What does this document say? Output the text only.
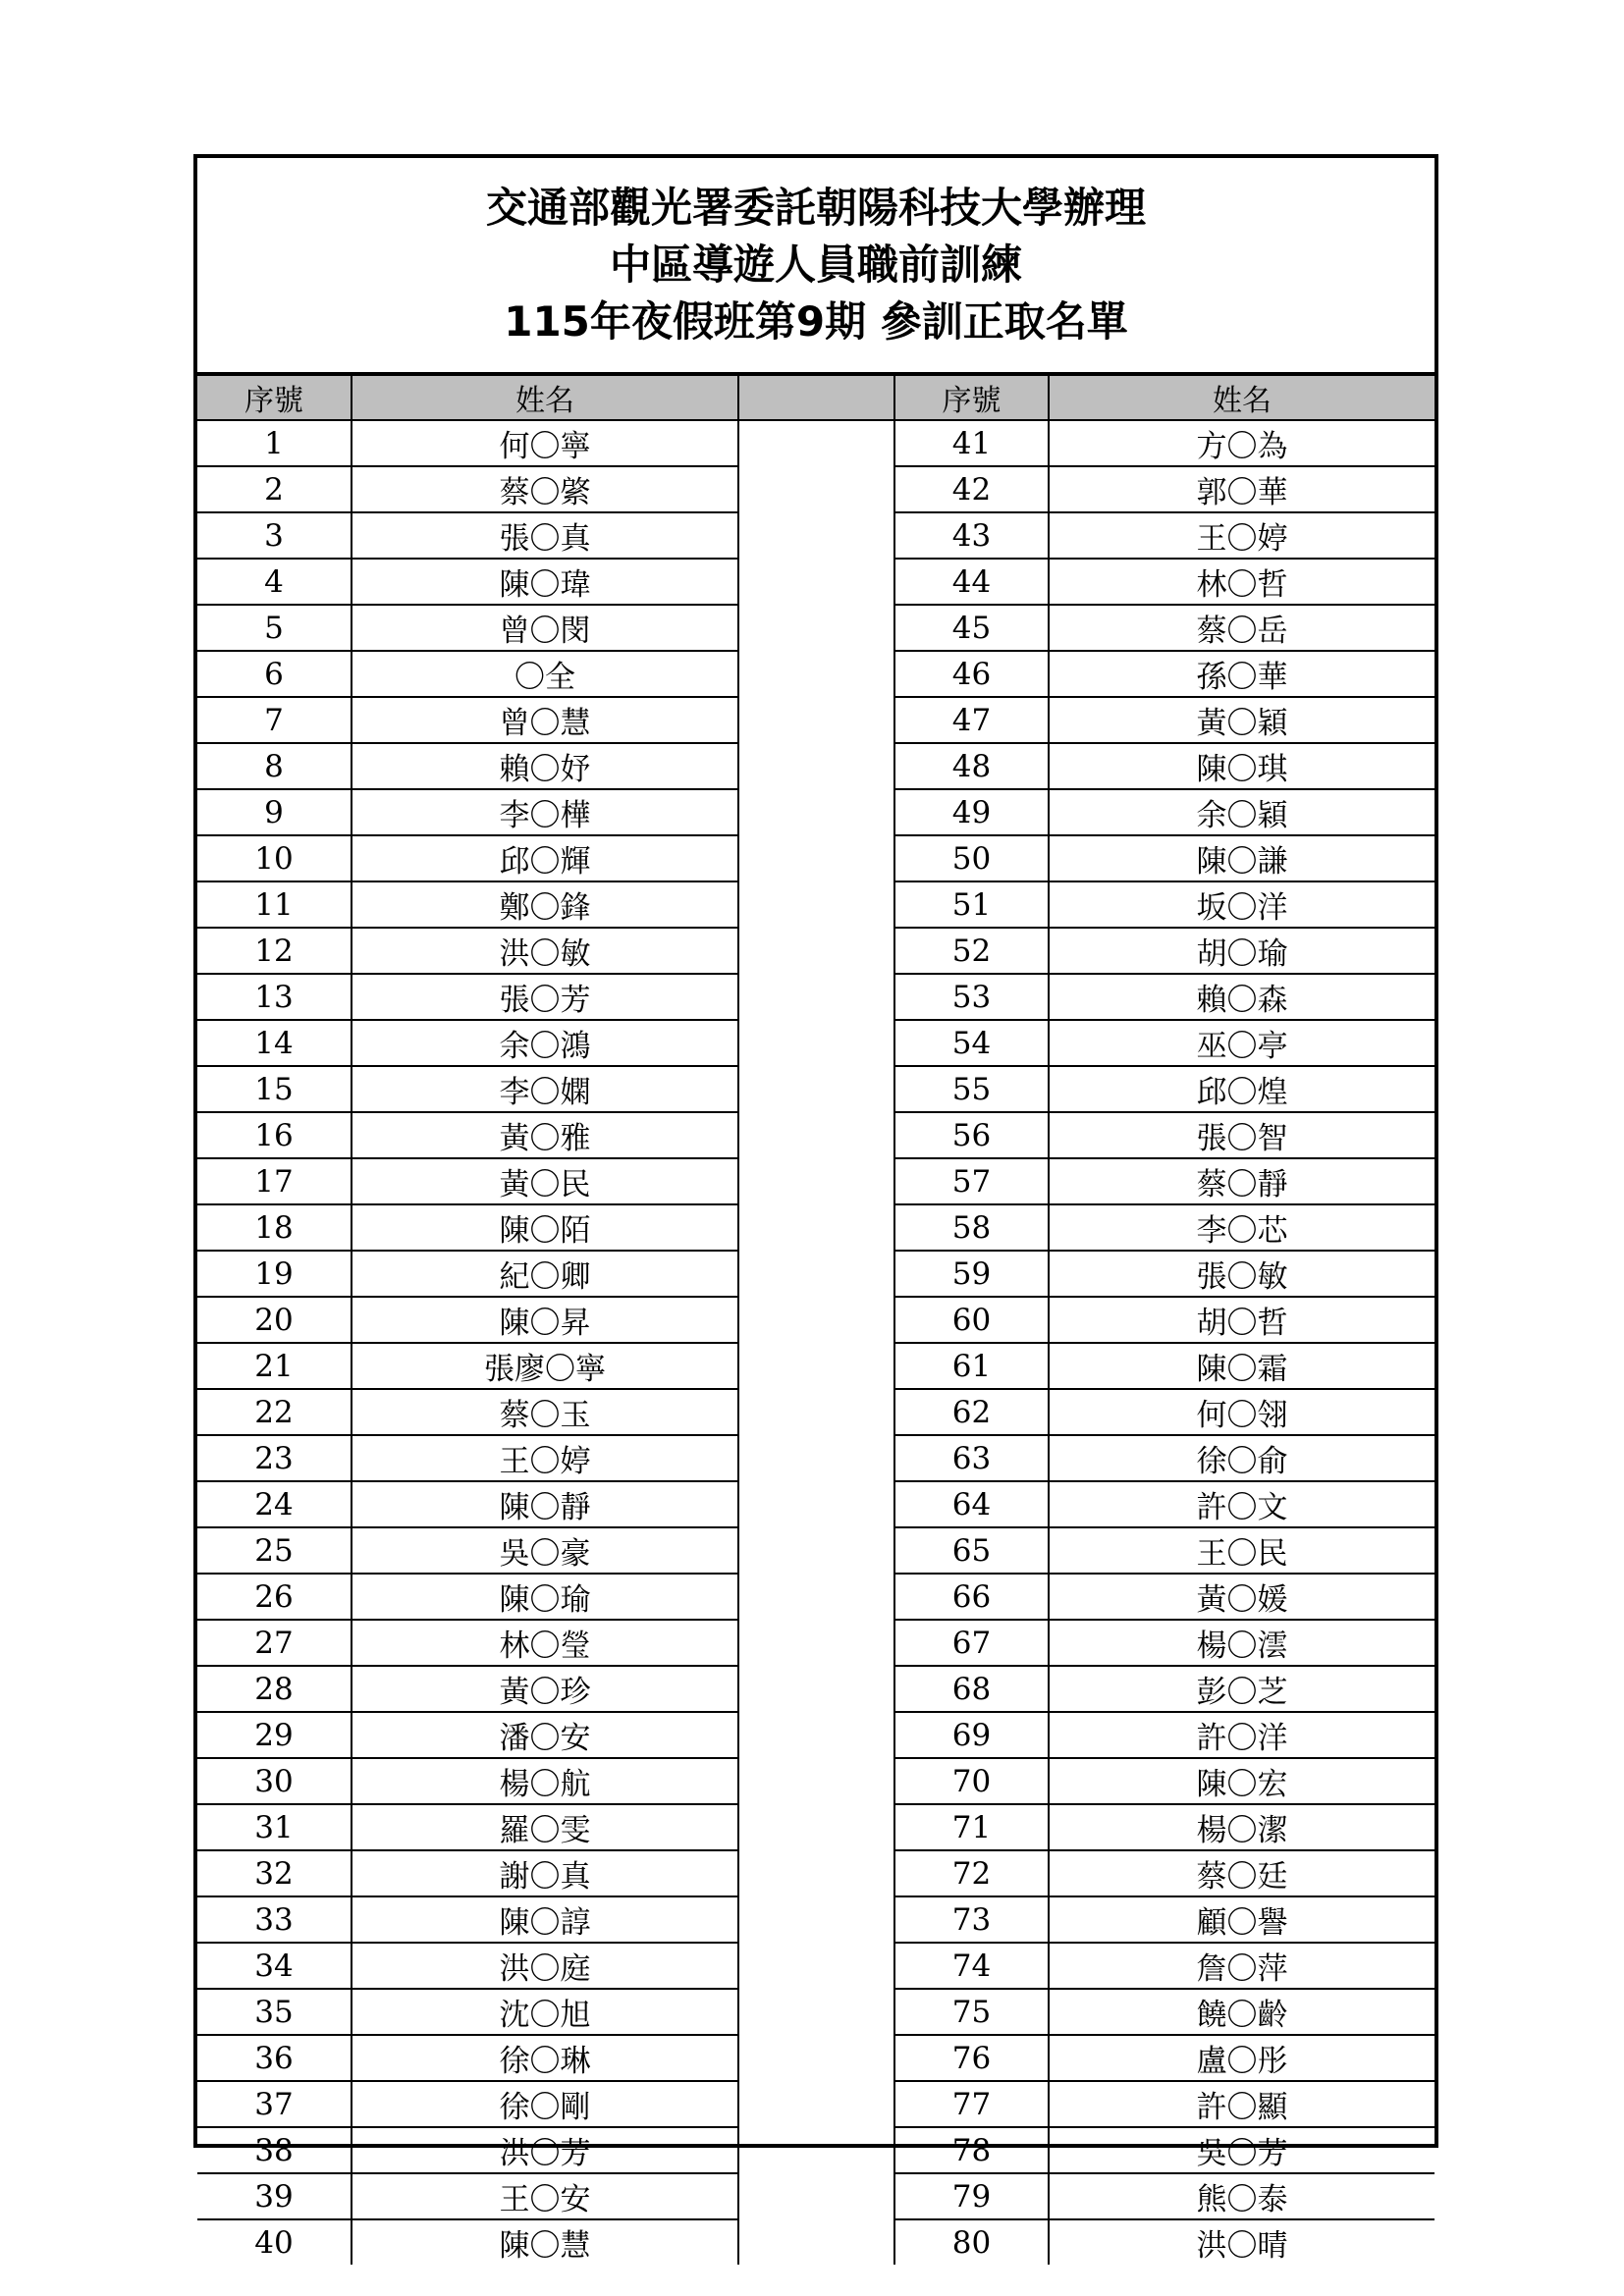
交通部觀光署委託朝陽科技大學辦理
中區導遊人員職前訓練
115年夜假班第9期 參訓正取名單
序號	姓名		序號	姓名
1	何〇寧		41	方〇為
2	蔡〇綮		42	郭〇華
3	張〇真		43	王〇婷
4	陳〇瑋		44	林〇哲
5	曾〇閔		45	蔡〇岳
6	〇全		46	孫〇華
7	曾〇慧		47	黃〇穎
8	賴〇妤		48	陳〇琪
9	李〇樺		49	余〇穎
10	邱〇輝		50	陳〇謙
11	鄭〇鋒		51	坂〇洋
12	洪〇敏		52	胡〇瑜
13	張〇芳		53	賴〇森
14	余〇鴻		54	巫〇亭
15	李〇嫻		55	邱〇煌
16	黃〇雅		56	張〇智
17	黃〇民		57	蔡〇靜
18	陳〇陌		58	李〇芯
19	紀〇卿		59	張〇敏
20	陳〇昇		60	胡〇哲
21	張廖〇寧		61	陳〇霜
22	蔡〇玉		62	何〇翎
23	王〇婷		63	徐〇俞
24	陳〇靜		64	許〇文
25	吳〇豪		65	王〇民
26	陳〇瑜		66	黃〇媛
27	林〇瑩		67	楊〇澐
28	黃〇珍		68	彭〇芝
29	潘〇安		69	許〇洋
30	楊〇航		70	陳〇宏
31	羅〇雯		71	楊〇潔
32	謝〇真		72	蔡〇廷
33	陳〇諄		73	顧〇譽
34	洪〇庭		74	詹〇萍
35	沈〇旭		75	饒〇齡
36	徐〇琳		76	盧〇彤
37	徐〇剛		77	許〇顯
38	洪〇芳		78	吳〇芳
39	王〇安		79	熊〇泰
40	陳〇慧		80	洪〇晴
